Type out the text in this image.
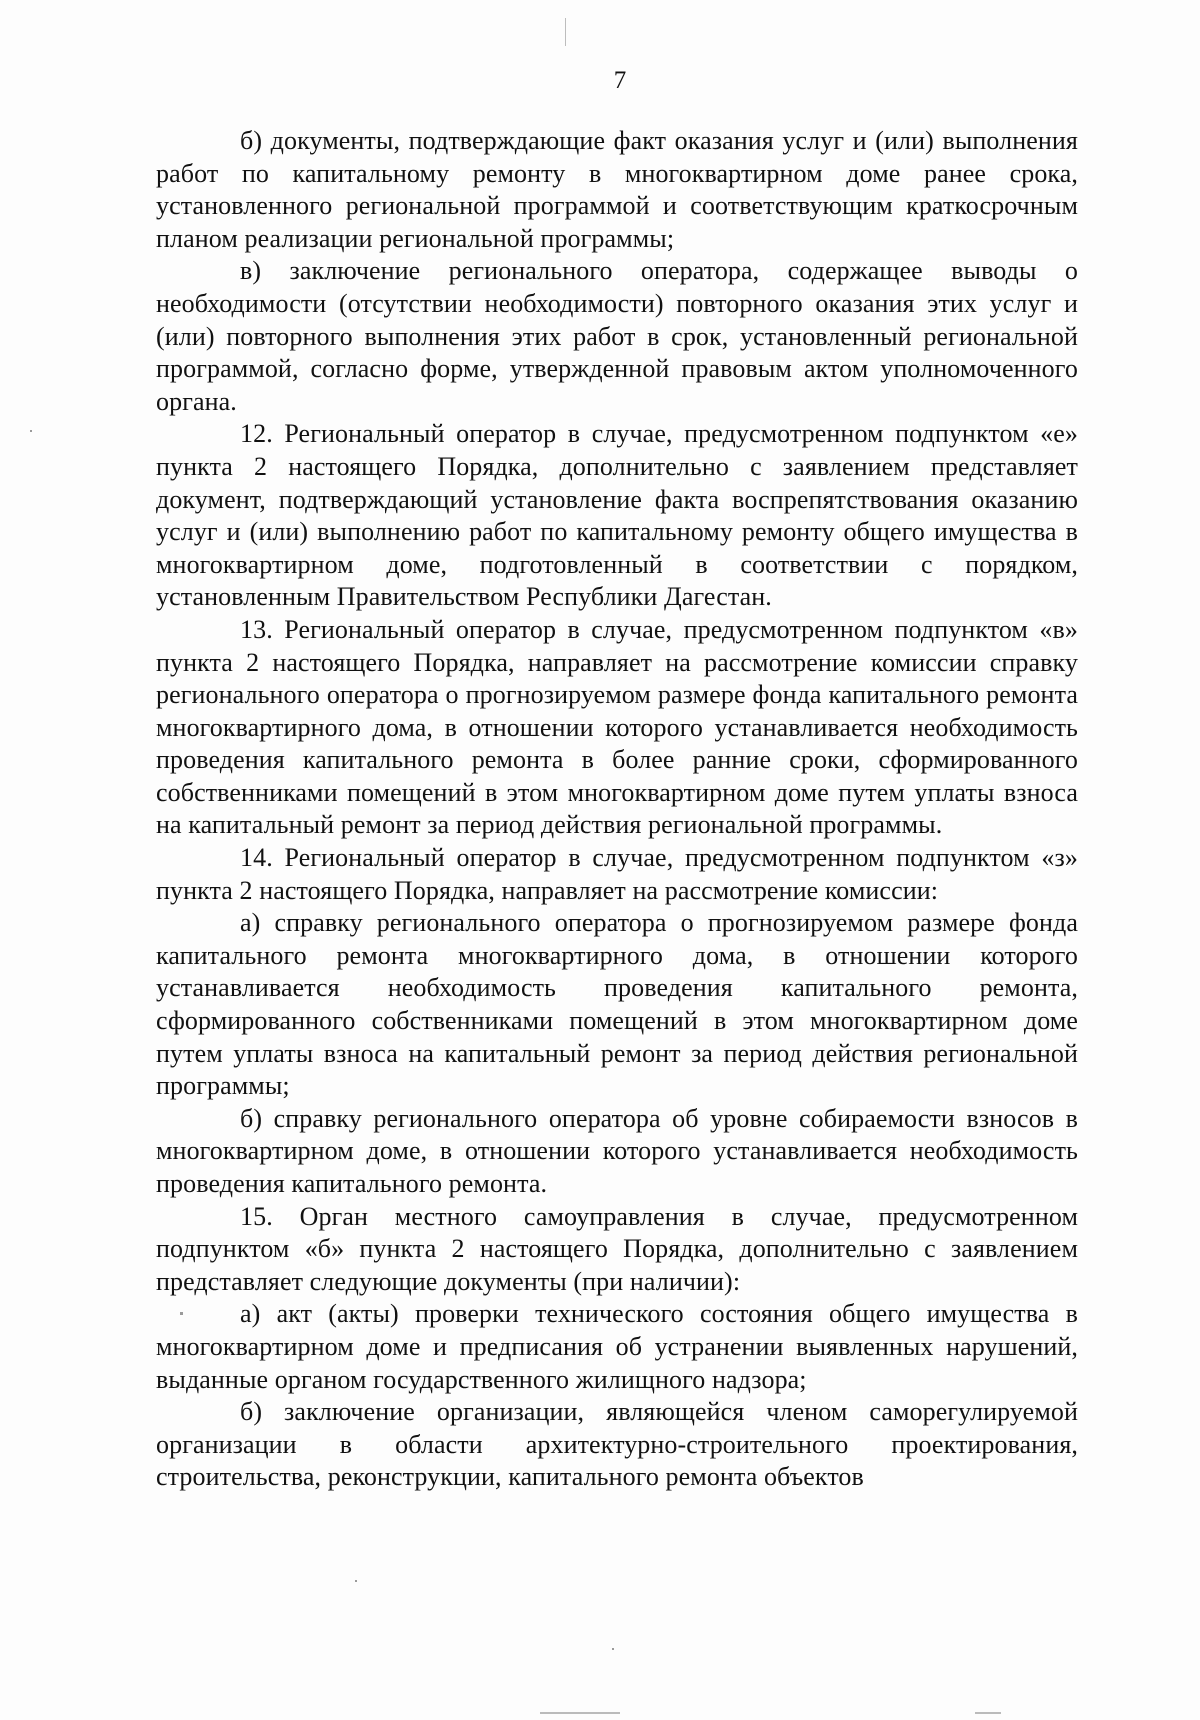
7

б) документы, подтверждающие факт оказания услуг и (или) выполнения работ по капитальному ремонту в многоквартирном доме ранее срока, установленного региональной программой и соответствующим краткосрочным планом реализации региональной программы;

в) заключение регионального оператора, содержащее выводы о необходимости (отсутствии необходимости) повторного оказания этих услуг и (или) повторного выполнения этих работ в срок, установленный региональной программой, согласно форме, утвержденной правовым актом уполномоченного органа.

12. Региональный оператор в случае, предусмотренном подпунктом «е» пункта 2 настоящего Порядка, дополнительно с заявлением представляет документ, подтверждающий установление факта воспрепятствования оказанию услуг и (или) выполнению работ по капитальному ремонту общего имущества в многоквартирном доме, подготовленный в соответствии с порядком, установленным Правительством Республики Дагестан.

13. Региональный оператор в случае, предусмотренном подпунктом «в» пункта 2 настоящего Порядка, направляет на рассмотрение комиссии справку регионального оператора о прогнозируемом размере фонда капитального ремонта многоквартирного дома, в отношении которого устанавливается необходимость проведения капитального ремонта в более ранние сроки, сформированного собственниками помещений в этом многоквартирном доме путем уплаты взноса на капитальный ремонт за период действия региональной программы.

14. Региональный оператор в случае, предусмотренном подпунктом «з» пункта 2 настоящего Порядка, направляет на рассмотрение комиссии:

а) справку регионального оператора о прогнозируемом размере фонда капитального ремонта многоквартирного дома, в отношении которого устанавливается необходимость проведения капитального ремонта, сформированного собственниками помещений в этом многоквартирном доме путем уплаты взноса на капитальный ремонт за период действия региональной программы;

б) справку регионального оператора об уровне собираемости взносов в многоквартирном доме, в отношении которого устанавливается необходимость проведения капитального ремонта.

15. Орган местного самоуправления в случае, предусмотренном подпунктом «б» пункта 2 настоящего Порядка, дополнительно с заявлением представляет следующие документы (при наличии):

а) акт (акты) проверки технического состояния общего имущества в многоквартирном доме и предписания об устранении выявленных нарушений, выданные органом государственного жилищного надзора;

б) заключение организации, являющейся членом саморегулируемой организации в области архитектурно-строительного проектирования, строительства, реконструкции, капитального ремонта объектов
